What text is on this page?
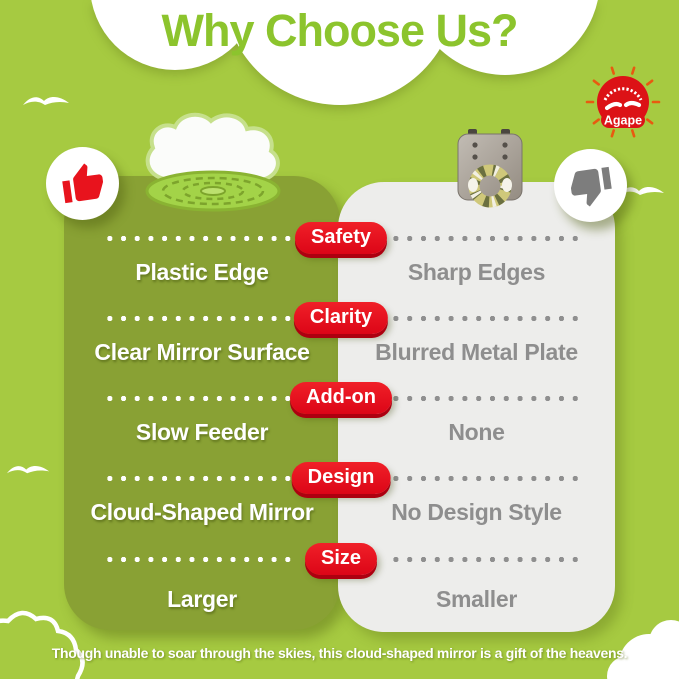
Why Choose Us?
Agape
Safety
Plastic Edge	Sharp Edges
Clarity
Clear Mirror Surface	Blurred Metal Plate
Add-on
Slow Feeder	None
Design
Cloud-Shaped Mirror	No Design Style
Size
Larger	Smaller
Though unable to soar through the skies, this cloud-shaped mirror is a gift of the heavens.
